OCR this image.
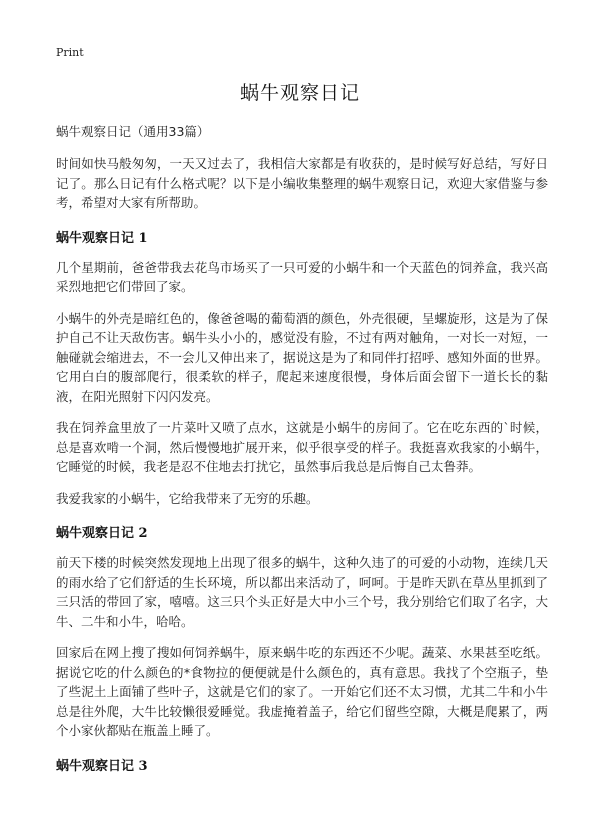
Print
蜗牛观察日记
蜗牛观察日记（通用33篇）

时间如快马般匆匆，一天又过去了，我相信大家都是有收获的，是时候写好总结，写好日记了。那么日记有什么格式呢？以下是小编收集整理的蜗牛观察日记，欢迎大家借鉴与参考，希望对大家有所帮助。

蜗牛观察日记 1

几个星期前，爸爸带我去花鸟市场买了一只可爱的小蜗牛和一个天蓝色的饲养盒，我兴高采烈地把它们带回了家。

小蜗牛的外壳是暗红色的，像爸爸喝的葡萄酒的颜色，外壳很硬，呈螺旋形，这是为了保护自己不让天敌伤害。蜗牛头小小的，感觉没有脸，不过有两对触角，一对长一对短，一触碰就会缩进去，不一会儿又伸出来了，据说这是为了和同伴打招呼、感知外面的世界。它用白白的腹部爬行，很柔软的样子，爬起来速度很慢，身体后面会留下一道长长的黏液，在阳光照射下闪闪发亮。

我在饲养盒里放了一片菜叶又喷了点水，这就是小蜗牛的房间了。它在吃东西的`时候，总是喜欢啃一个洞，然后慢慢地扩展开来，似乎很享受的样子。我挺喜欢我家的小蜗牛，它睡觉的时候，我老是忍不住地去打扰它，虽然事后我总是后悔自己太鲁莽。

我爱我家的小蜗牛，它给我带来了无穷的乐趣。

蜗牛观察日记 2

前天下楼的时候突然发现地上出现了很多的蜗牛，这种久违了的可爱的小动物，连续几天的雨水给了它们舒适的生长环境，所以都出来活动了，呵呵。于是昨天趴在草丛里抓到了三只活的带回了家，嘻嘻。这三只个头正好是大中小三个号，我分别给它们取了名字，大牛、二牛和小牛，哈哈。

回家后在网上搜了搜如何饲养蜗牛，原来蜗牛吃的东西还不少呢。蔬菜、水果甚至吃纸。据说它吃的什么颜色的*食物拉的便便就是什么颜色的，真有意思。我找了个空瓶子，垫了些泥土上面铺了些叶子，这就是它们的家了。一开始它们还不太习惯，尤其二牛和小牛总是往外爬，大牛比较懒很爱睡觉。我虚掩着盖子，给它们留些空隙，大概是爬累了，两个小家伙都贴在瓶盖上睡了。

蜗牛观察日记 3
